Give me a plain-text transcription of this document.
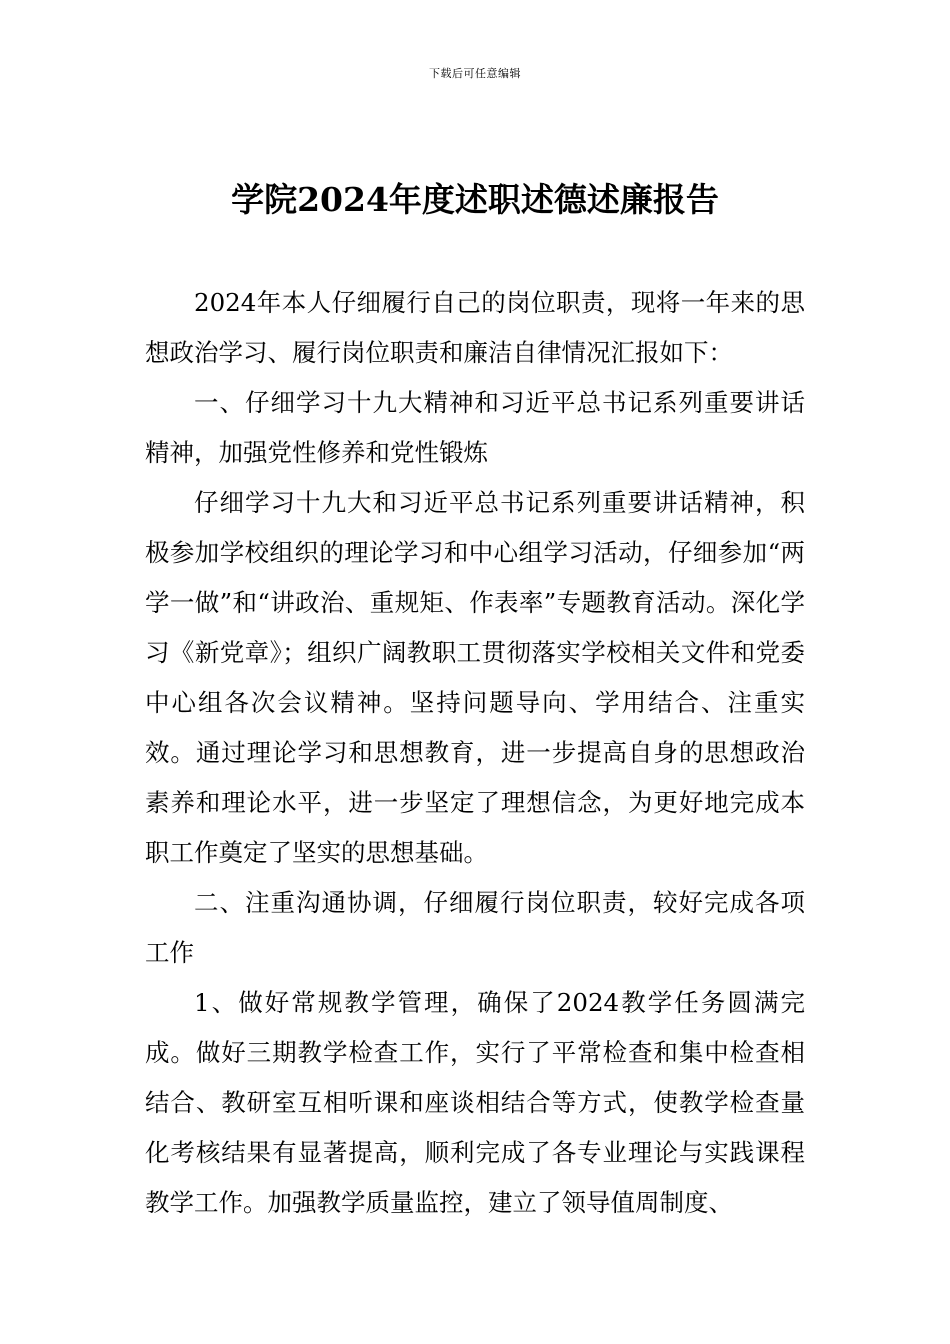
下载后可任意编辑
学院2024年度述职述德述廉报告

2024年本人仔细履行自己的岗位职责，现将一年来的思想政治学习、履行岗位职责和廉洁自律情况汇报如下：

一、仔细学习十九大精神和习近平总书记系列重要讲话精神，加强党性修养和党性锻炼

仔细学习十九大和习近平总书记系列重要讲话精神，积极参加学校组织的理论学习和中心组学习活动，仔细参加“两学一做”和“讲政治、重规矩、作表率”专题教育活动。深化学习《新党章》；组织广阔教职工贯彻落实学校相关文件和党委中心组各次会议精神。坚持问题导向、学用结合、注重实效。通过理论学习和思想教育，进一步提高自身的思想政治素养和理论水平，进一步坚定了理想信念，为更好地完成本职工作奠定了坚实的思想基础。

二、注重沟通协调，仔细履行岗位职责，较好完成各项工作

1、做好常规教学管理，确保了2024教学任务圆满完成。做好三期教学检查工作，实行了平常检查和集中检查相结合、教研室互相听课和座谈相结合等方式，使教学检查量化考核结果有显著提高，顺利完成了各专业理论与实践课程教学工作。加强教学质量监控，建立了领导值周制度、
